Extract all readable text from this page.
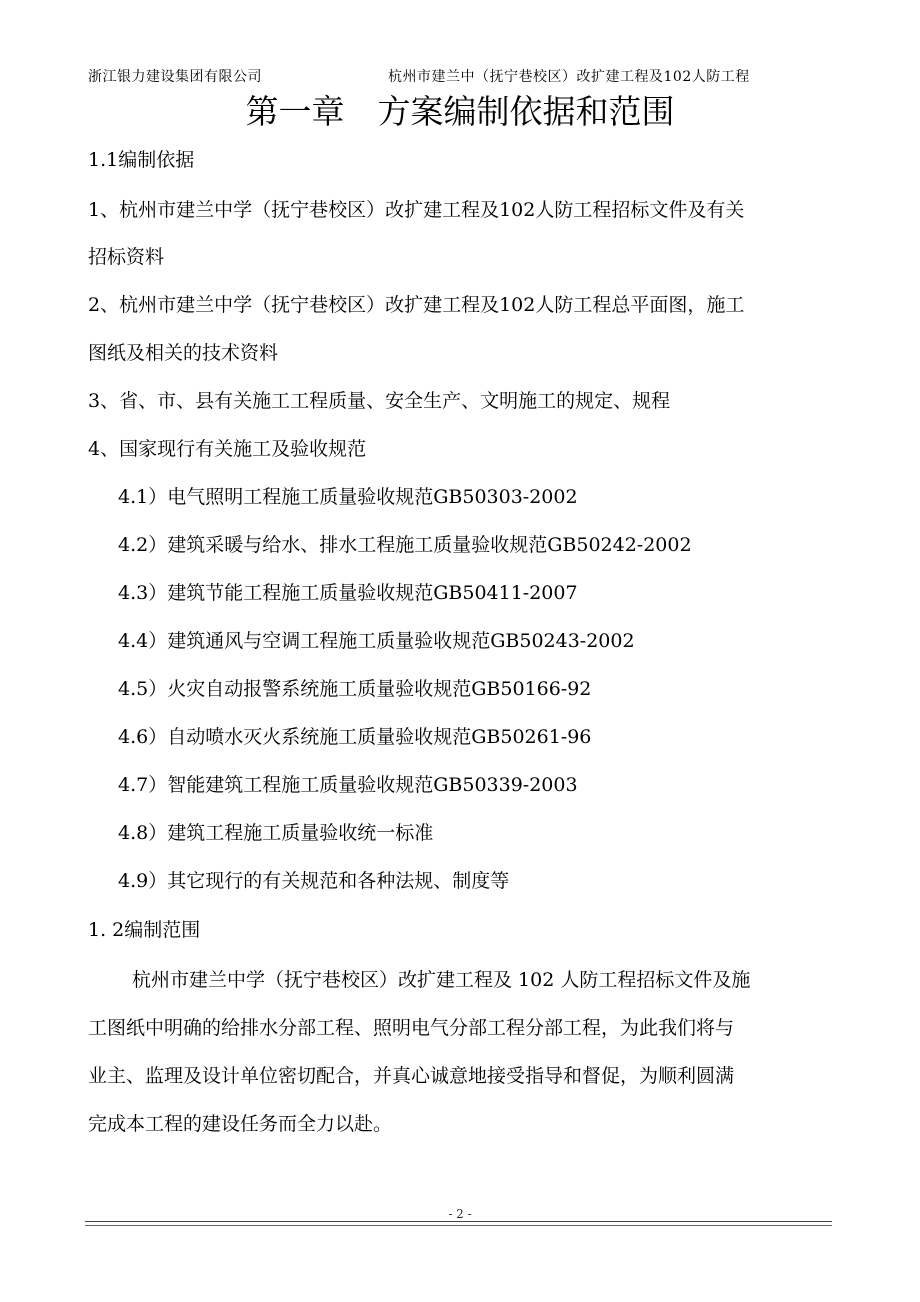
浙江银力建设集团有限公司	杭州市建兰中（抚宁巷校区）改扩建工程及102人防工程
第一章　方案编制依据和范围
1.1编制依据
1、杭州市建兰中学（抚宁巷校区）改扩建工程及102人防工程招标文件及有关
招标资料
2、杭州市建兰中学（抚宁巷校区）改扩建工程及102人防工程总平面图，施工
图纸及相关的技术资料
3、省、市、县有关施工工程质量、安全生产、文明施工的规定、规程
4、国家现行有关施工及验收规范
4.1）电气照明工程施工质量验收规范GB50303-2002
4.2）建筑采暖与给水、排水工程施工质量验收规范GB50242-2002
4.3）建筑节能工程施工质量验收规范GB50411-2007
4.4）建筑通风与空调工程施工质量验收规范GB50243-2002
4.5）火灾自动报警系统施工质量验收规范GB50166-92
4.6）自动喷水灭火系统施工质量验收规范GB50261-96
4.7）智能建筑工程施工质量验收规范GB50339-2003
4.8）建筑工程施工质量验收统一标准
4.9）其它现行的有关规范和各种法规、制度等
1. 2编制范围
杭州市建兰中学（抚宁巷校区）改扩建工程及 102 人防工程招标文件及施
工图纸中明确的给排水分部工程、照明电气分部工程分部工程，为此我们将与
业主、监理及设计单位密切配合，并真心诚意地接受指导和督促，为顺利圆满
完成本工程的建设任务而全力以赴。
- 2 -
